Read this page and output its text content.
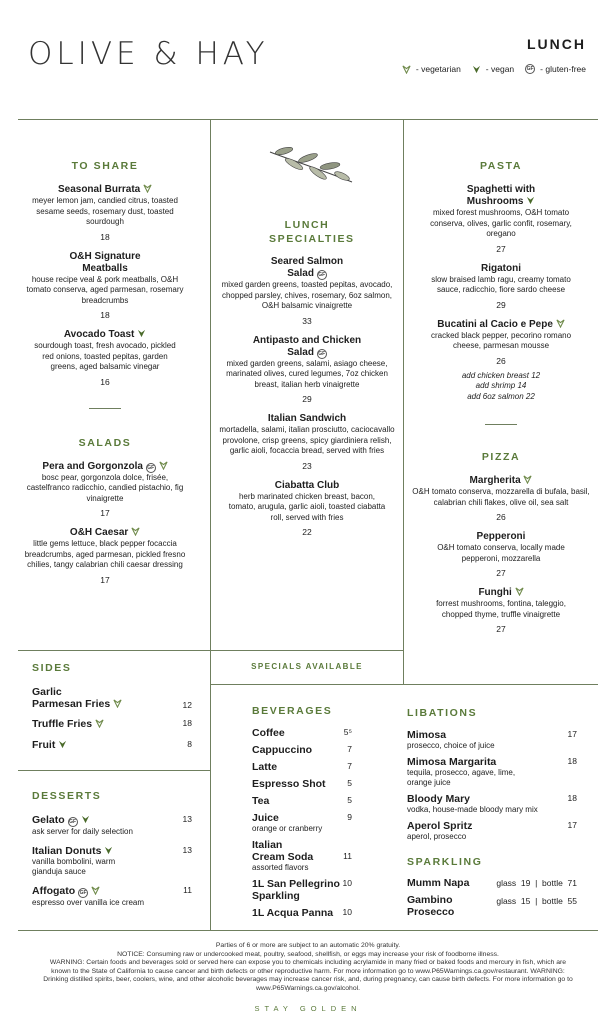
OLIVE & HAY	LUNCH
- vegetarian	- vegan	GF - gluten-free
TO SHARE
Seasonal Burrata
meyer lemon jam, candied citrus, toasted sesame seeds, rosemary dust, toasted sourdough
18
O&H Signature Meatballs
house recipe veal & pork meatballs, O&H tomato conserva, aged parmesan, rosemary breadcrumbs
18
Avocado Toast
sourdough toast, fresh avocado, pickled red onions, toasted pepitas, garden greens, aged balsamic vinegar
16
SALADS
Pera and Gorgonzola GF
bosc pear, gorgonzola dolce, frisée, castelfranco radicchio, candied pistachio, fig vinaigrette
17
O&H Caesar
little gems lettuce, black pepper focaccia breadcrumbs, aged parmesan, pickled fresno chilies, tangy calabrian chili caesar dressing
17
LUNCH SPECIALTIES
Seared Salmon Salad GF
mixed garden greens, toasted pepitas, avocado, chopped parsley, chives, rosemary, 6oz salmon, O&H balsamic vinaigrette
33
Antipasto and Chicken Salad GF
mixed garden greens, salami, asiago cheese, marinated olives, cured legumes, 7oz chicken breast, italian herb vinaigrette
29
Italian Sandwich
mortadella, salami, italian prosciutto, caciocavallo provolone, crisp greens, spicy giardiniera relish, garlic aioli, focaccia bread, served with fries
23
Ciabatta Club
herb marinated chicken breast, bacon, tomato, arugula, garlic aioli, toasted ciabatta roll, served with fries
22
SPECIALS AVAILABLE
PASTA
Spaghetti with Mushrooms
mixed forest mushrooms, O&H tomato conserva, olives, garlic confit, rosemary, oregano
27
Rigatoni
slow braised lamb ragu, creamy tomato sauce, radicchio, fiore sardo cheese
29
Bucatini al Cacio e Pepe
cracked black pepper, pecorino romano cheese, parmesan mousse
26
add chicken breast 12
add shrimp 14
add 6oz salmon 22
PIZZA
Margherita
O&H tomato conserva, mozzarella di bufala, basil, calabrian chili flakes, olive oil, sea salt
26
Pepperoni
O&H tomato conserva, locally made pepperoni, mozzarella
27
Funghi
forrest mushrooms, fontina, taleggio, chopped thyme, truffle vinaigrette
27
SIDES
Garlic
Parmesan Fries	12
Truffle Fries	18
Fruit	8
DESSERTS
Gelato GF
ask server for daily selection
13
Italian Donuts
vanilla bombolini, warm gianduja sauce
13
Affogato GF
espresso over vanilla ice cream
11
BEVERAGES
Coffee	5⁵
Cappuccino	7
Latte	7
Espresso Shot	5
Tea	5
Juice
orange or cranberry
9
Italian
Cream Soda
assorted flavors
11
1L San Pellegrino
Sparkling
10
1L Acqua Panna 10
LIBATIONS
Mimosa
prosecco, choice of juice
17
Mimosa Margarita
tequila, prosecco, agave, lime, orange juice
18
Bloody Mary
vodka, house-made bloody mary mix
18
Aperol Spritz
aperol, prosecco
17
SPARKLING
Mumm Napa	glass  19  |  bottle  71
Gambino
Prosecco
glass  15  |  bottle  55
Parties of 6 or more are subject to an automatic 20% gratuity.
NOTICE: Consuming raw or undercooked meat, poultry, seafood, shellfish, or eggs may increase your risk of foodborne illness.
WARNING: Certain foods and beverages sold or served here can expose you to chemicals including acrylamide in many fried or baked foods and mercury in fish, which are known to the State of California to cause cancer and birth defects or other reproductive harm. For more information go to www.P65Warnings.ca.gov/restaurant. WARNING: Drinking distilled spirits, beer, coolers, wine, and other alcoholic beverages may increase cancer risk, and, during pregnancy, can cause birth defects. For more information go to www.P65Warnings.ca.gov/alcohol.
STAY GOLDEN
